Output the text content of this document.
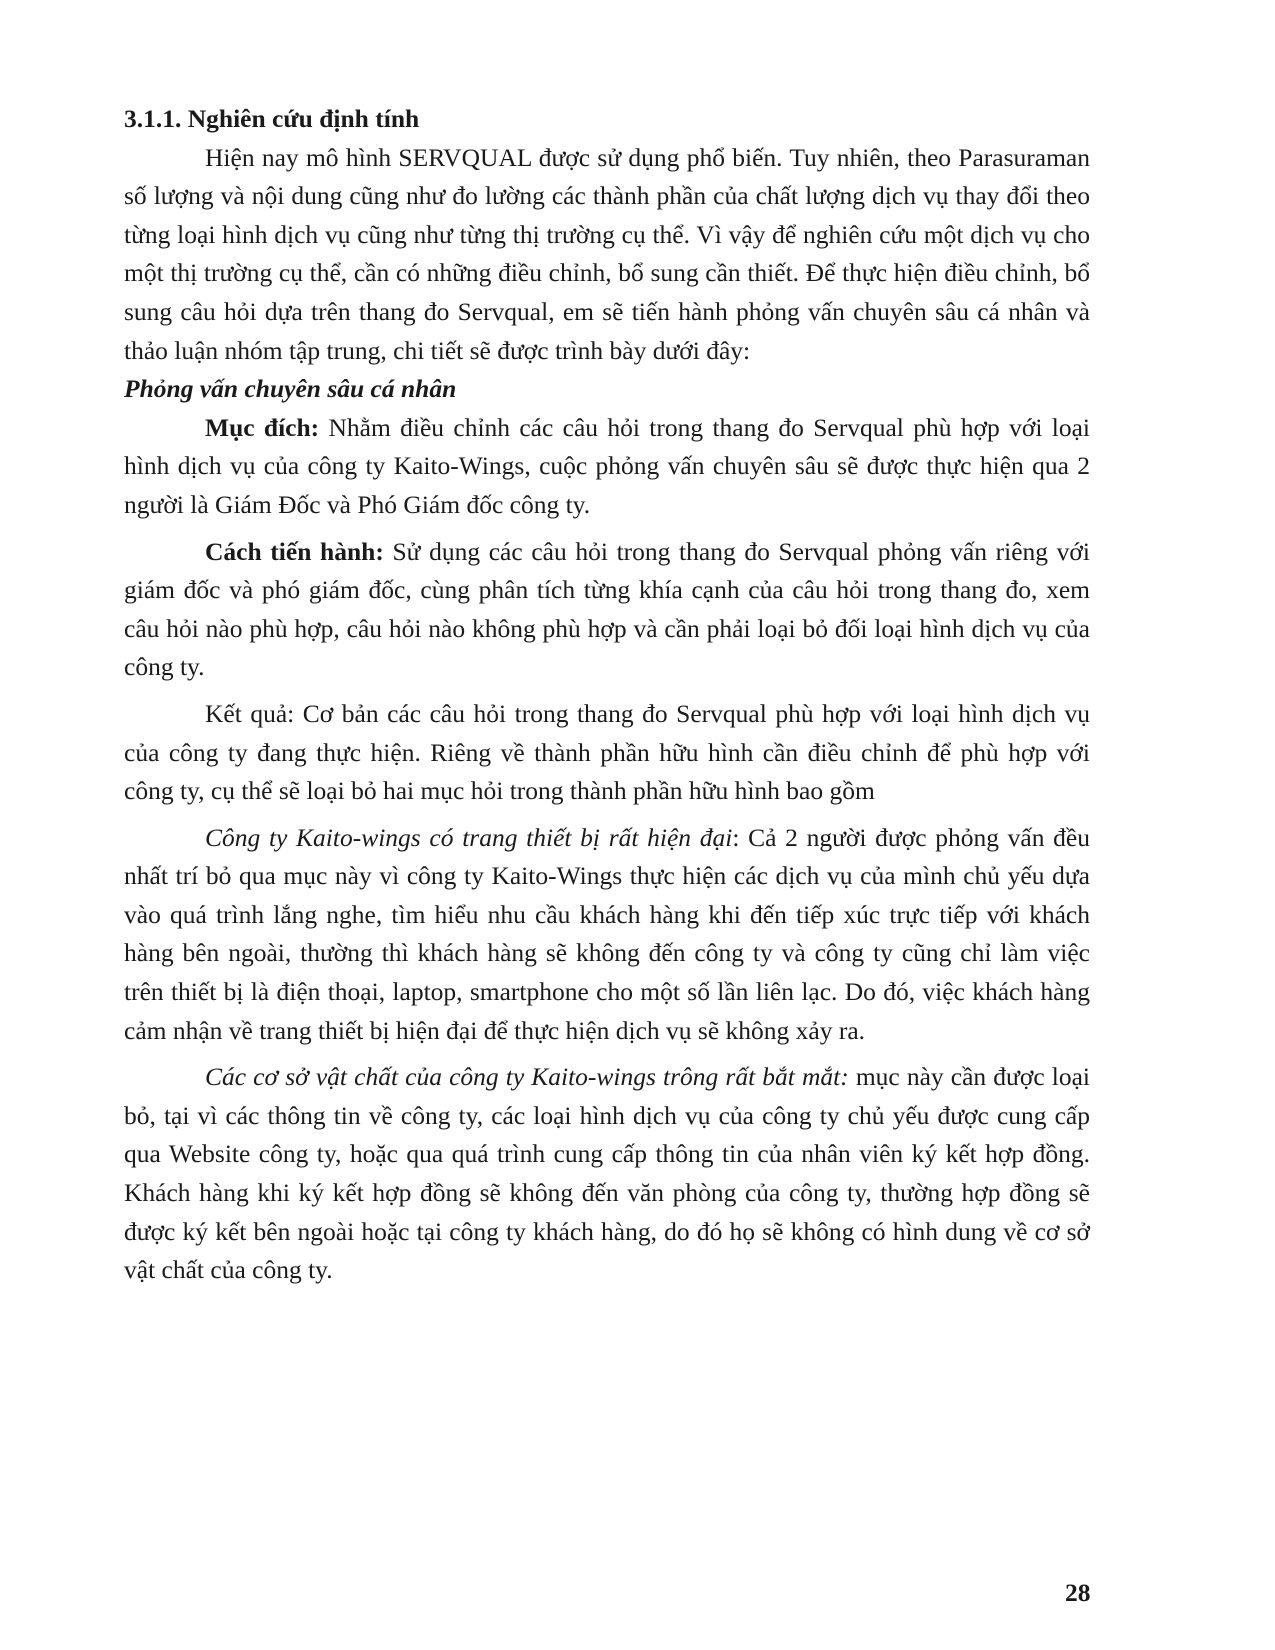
3.1.1. Nghiên cứu định tính

Hiện nay mô hình SERVQUAL được sử dụng phổ biến. Tuy nhiên, theo Parasuraman số lượng và nội dung cũng như đo lường các thành phần của chất lượng dịch vụ thay đổi theo từng loại hình dịch vụ cũng như từng thị trường cụ thể. Vì vậy để nghiên cứu một dịch vụ cho một thị trường cụ thể, cần có những điều chỉnh, bổ sung cần thiết. Để thực hiện điều chỉnh, bổ sung câu hỏi dựa trên thang đo Servqual, em sẽ tiến hành phỏng vấn chuyên sâu cá nhân và thảo luận nhóm tập trung, chi tiết sẽ được trình bày dưới đây:

Phỏng vấn chuyên sâu cá nhân

Mục đích: Nhằm điều chỉnh các câu hỏi trong thang đo Servqual phù hợp với loại hình dịch vụ của công ty Kaito-Wings, cuộc phỏng vấn chuyên sâu sẽ được thực hiện qua 2 người là Giám Đốc và Phó Giám đốc công ty.

Cách tiến hành: Sử dụng các câu hỏi trong thang đo Servqual phỏng vấn riêng với giám đốc và phó giám đốc, cùng phân tích từng khía cạnh của câu hỏi trong thang đo, xem câu hỏi nào phù hợp, câu hỏi nào không phù hợp và cần phải loại bỏ đối loại hình dịch vụ của công ty.

Kết quả: Cơ bản các câu hỏi trong thang đo Servqual phù hợp với loại hình dịch vụ của công ty đang thực hiện. Riêng về thành phần hữu hình cần điều chỉnh để phù hợp với công ty, cụ thể sẽ loại bỏ hai mục hỏi trong thành phần hữu hình bao gồm

Công ty Kaito-wings có trang thiết bị rất hiện đại: Cả 2 người được phỏng vấn đều nhất trí bỏ qua mục này vì công ty Kaito-Wings thực hiện các dịch vụ của mình chủ yếu dựa vào quá trình lắng nghe, tìm hiểu nhu cầu khách hàng khi đến tiếp xúc trực tiếp với khách hàng bên ngoài, thường thì khách hàng sẽ không đến công ty và công ty cũng chỉ làm việc trên thiết bị là điện thoại, laptop, smartphone cho một số lần liên lạc. Do đó, việc khách hàng cảm nhận về trang thiết bị hiện đại để thực hiện dịch vụ sẽ không xảy ra.

Các cơ sở vật chất của công ty Kaito-wings trông rất bắt mắt: mục này cần được loại bỏ, tại vì các thông tin về công ty, các loại hình dịch vụ của công ty chủ yếu được cung cấp qua Website công ty, hoặc qua quá trình cung cấp thông tin của nhân viên ký kết hợp đồng. Khách hàng khi ký kết hợp đồng sẽ không đến văn phòng của công ty, thường hợp đồng sẽ được ký kết bên ngoài hoặc tại công ty khách hàng, do đó họ sẽ không có hình dung về cơ sở vật chất của công ty.

28
